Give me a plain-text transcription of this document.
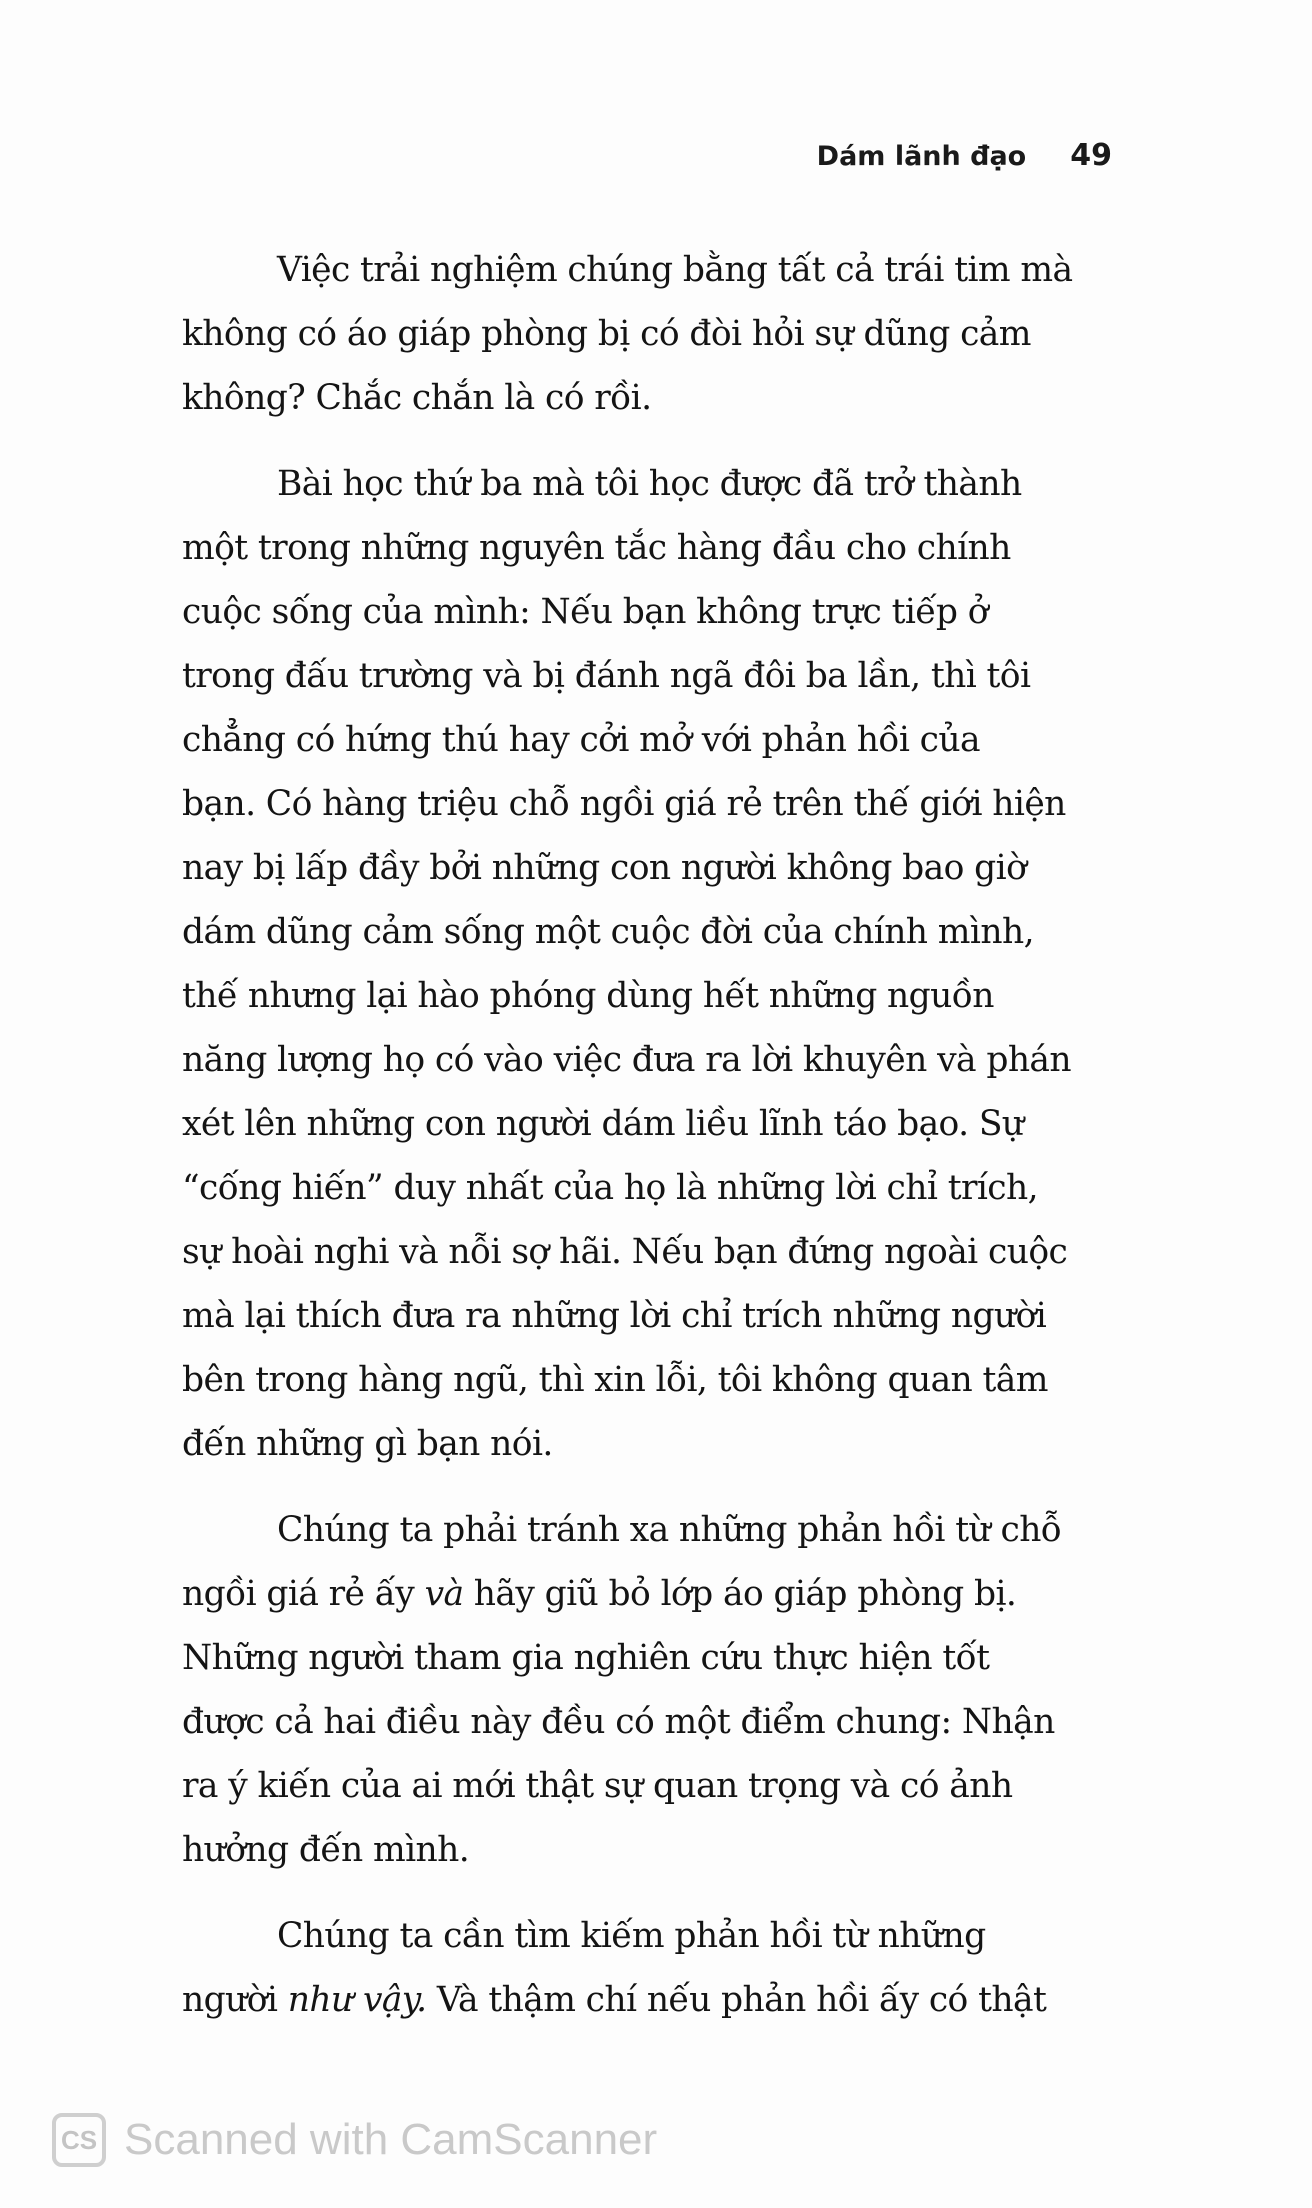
Dám lãnh đạo 49

Việc trải nghiệm chúng bằng tất cả trái tim mà
không có áo giáp phòng bị có đòi hỏi sự dũng cảm
không? Chắc chắn là có rồi.

Bài học thứ ba mà tôi học được đã trở thành
một trong những nguyên tắc hàng đầu cho chính
cuộc sống của mình: Nếu bạn không trực tiếp ở
trong đấu trường và bị đánh ngã đôi ba lần, thì tôi
chẳng có hứng thú hay cởi mở với phản hồi của
bạn. Có hàng triệu chỗ ngồi giá rẻ trên thế giới hiện
nay bị lấp đầy bởi những con người không bao giờ
dám dũng cảm sống một cuộc đời của chính mình,
thế nhưng lại hào phóng dùng hết những nguồn
năng lượng họ có vào việc đưa ra lời khuyên và phán
xét lên những con người dám liều lĩnh táo bạo. Sự
“cống hiến” duy nhất của họ là những lời chỉ trích,
sự hoài nghi và nỗi sợ hãi. Nếu bạn đứng ngoài cuộc
mà lại thích đưa ra những lời chỉ trích những người
bên trong hàng ngũ, thì xin lỗi, tôi không quan tâm
đến những gì bạn nói.

Chúng ta phải tránh xa những phản hồi từ chỗ
ngồi giá rẻ ấy và hãy giũ bỏ lớp áo giáp phòng bị.
Những người tham gia nghiên cứu thực hiện tốt
được cả hai điều này đều có một điểm chung: Nhận
ra ý kiến của ai mới thật sự quan trọng và có ảnh
hưởng đến mình.

Chúng ta cần tìm kiếm phản hồi từ những
người như vậy. Và thậm chí nếu phản hồi ấy có thật

CS Scanned with CamScanner
